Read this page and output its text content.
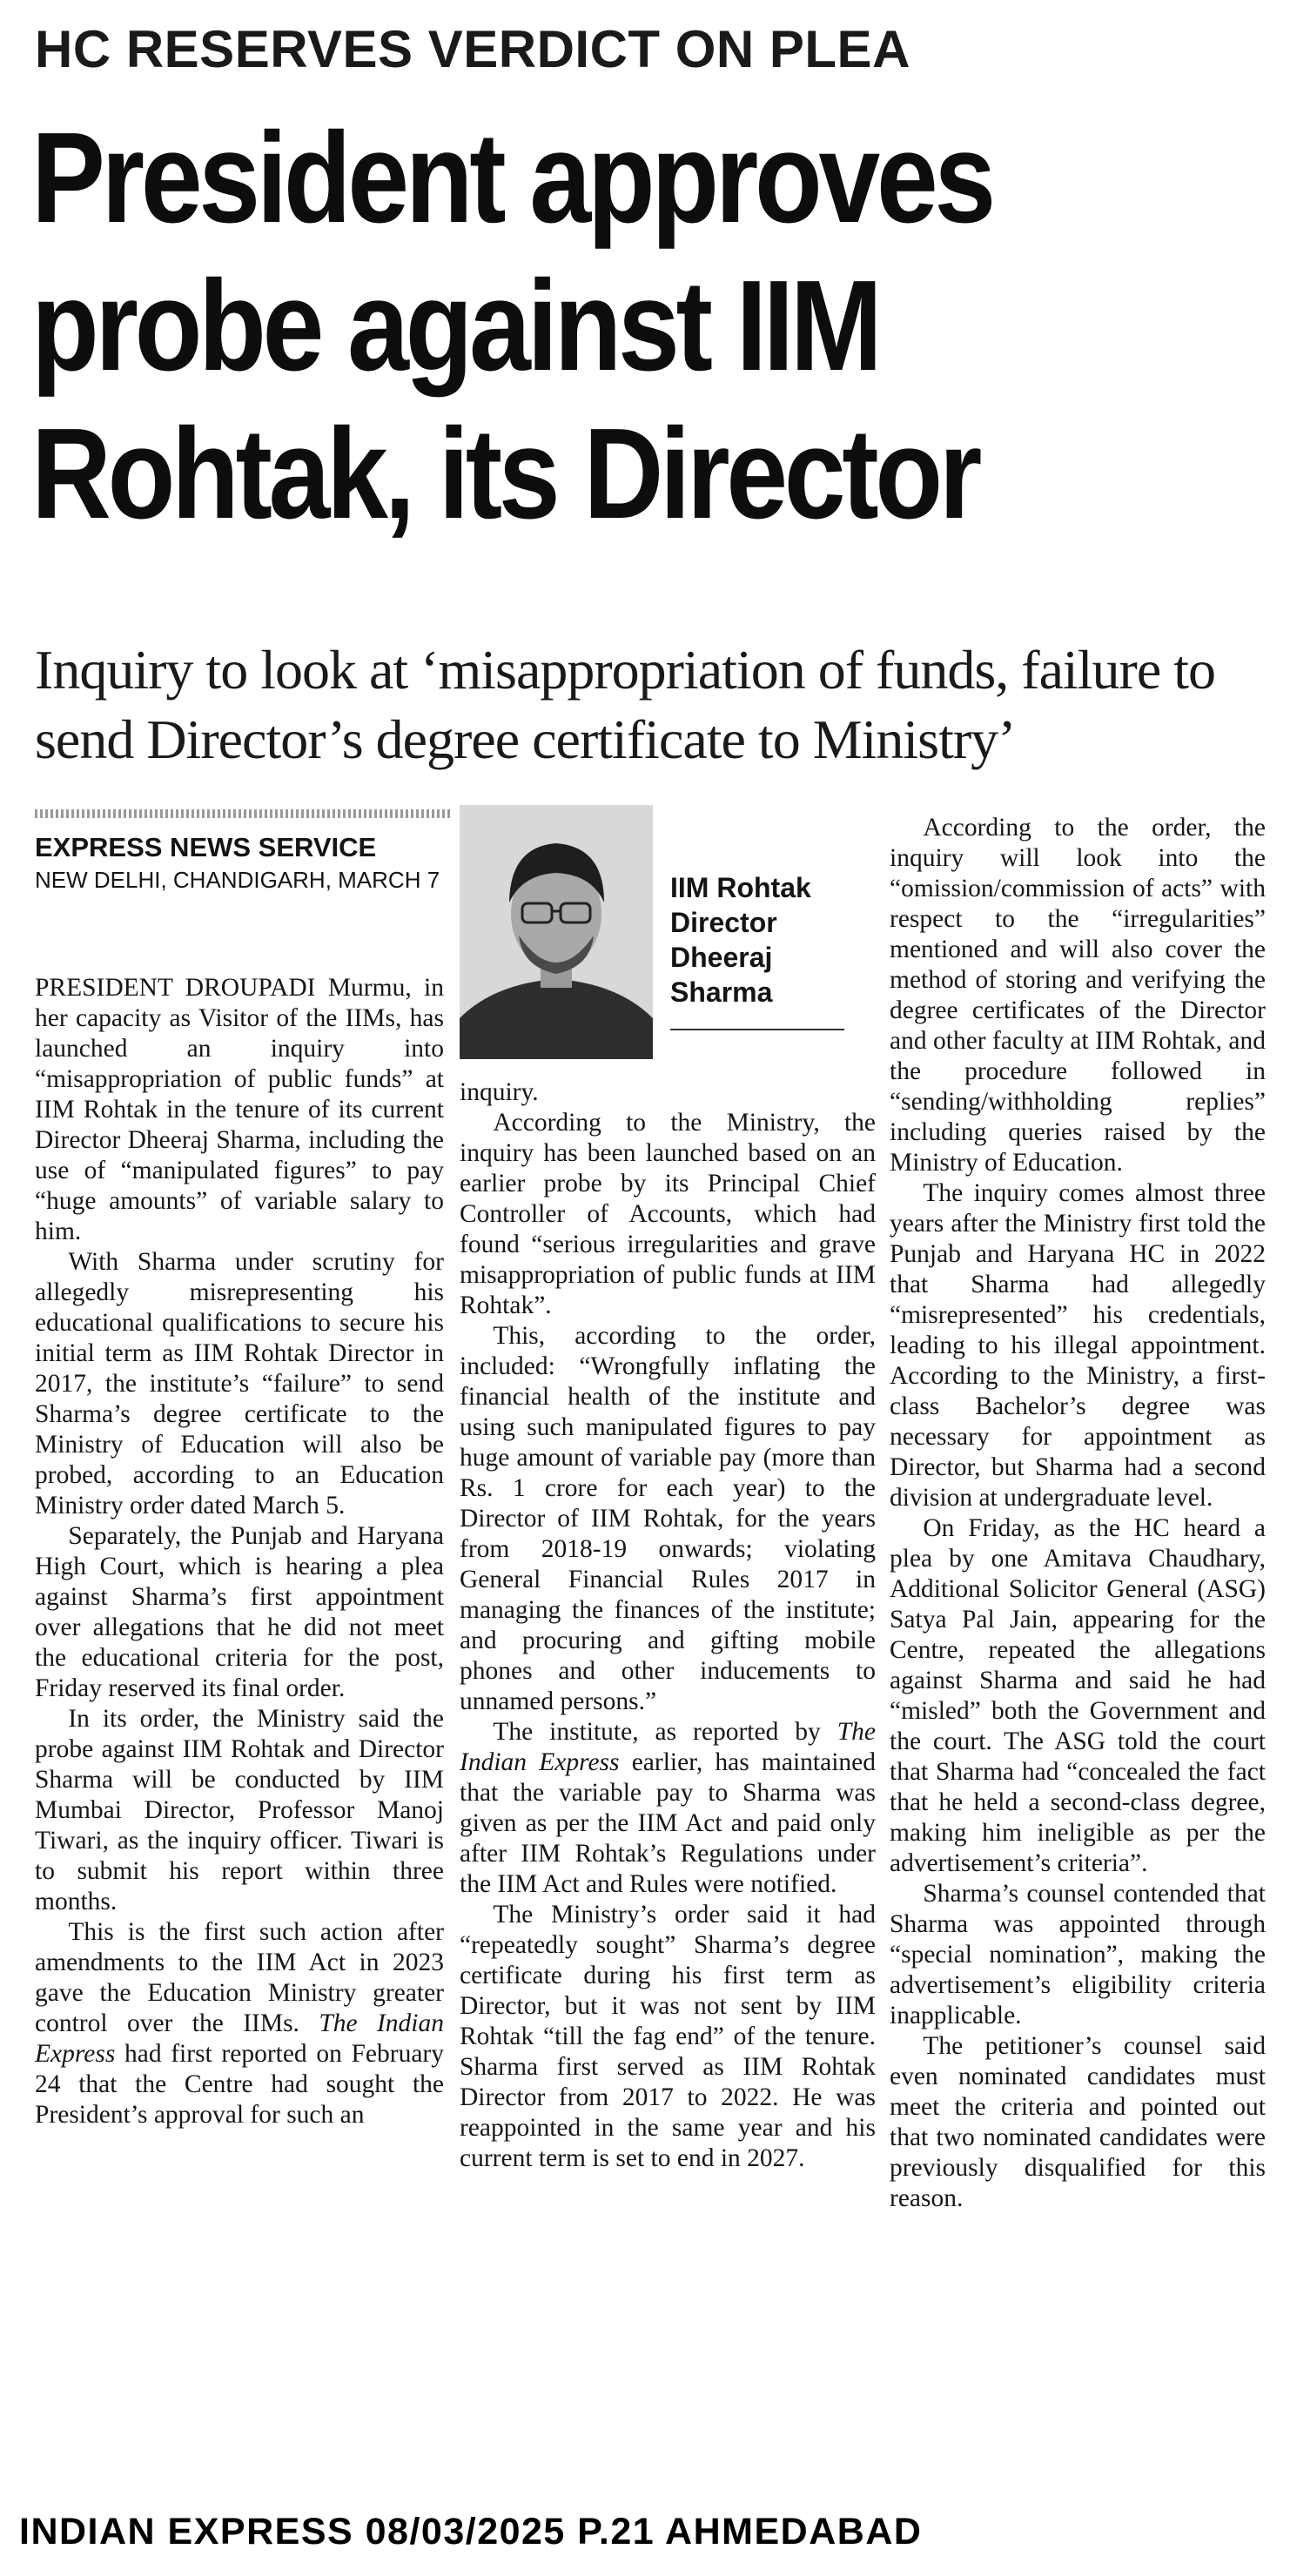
HC RESERVES VERDICT ON PLEA
President approves probe against IIM Rohtak, its Director
Inquiry to look at ‘misappropriation of funds, failure to send Director’s degree certificate to Ministry’
EXPRESS NEWS SERVICE
NEW DELHI, CHANDIGARH, MARCH 7

PRESIDENT DROUPADI Murmu, in her capacity as Visitor of the IIMs, has launched an inquiry into “misappropriation of public funds” at IIM Rohtak in the tenure of its current Director Dheeraj Sharma, including the use of “manipulated figures” to pay “huge amounts” of variable salary to him.

With Sharma under scrutiny for allegedly misrepresenting his educational qualifications to secure his initial term as IIM Rohtak Director in 2017, the institute’s “failure” to send Sharma’s degree certificate to the Ministry of Education will also be probed, according to an Education Ministry order dated March 5.

Separately, the Punjab and Haryana High Court, which is hearing a plea against Sharma’s first appointment over allegations that he did not meet the educational criteria for the post, Friday reserved its final order.

In its order, the Ministry said the probe against IIM Rohtak and Director Sharma will be conducted by IIM Mumbai Director, Professor Manoj Tiwari, as the inquiry officer. Tiwari is to submit his report within three months.

This is the first such action after amendments to the IIM Act in 2023 gave the Education Ministry greater control over the IIMs. The Indian Express had first reported on February 24 that the Centre had sought the President’s approval for such an

IIM Rohtak Director Dheeraj Sharma

inquiry.

According to the Ministry, the inquiry has been launched based on an earlier probe by its Principal Chief Controller of Accounts, which had found “serious irregularities and grave misappropriation of public funds at IIM Rohtak”.

This, according to the order, included: “Wrongfully inflating the financial health of the institute and using such manipulated figures to pay huge amount of variable pay (more than Rs. 1 crore for each year) to the Director of IIM Rohtak, for the years from 2018-19 onwards; violating General Financial Rules 2017 in managing the finances of the institute; and procuring and gifting mobile phones and other inducements to unnamed persons.”

The institute, as reported by The Indian Express earlier, has maintained that the variable pay to Sharma was given as per the IIM Act and paid only after IIM Rohtak’s Regulations under the IIM Act and Rules were notified.

The Ministry’s order said it had “repeatedly sought” Sharma’s degree certificate during his first term as Director, but it was not sent by IIM Rohtak “till the fag end” of the tenure. Sharma first served as IIM Rohtak Director from 2017 to 2022. He was reappointed in the same year and his current term is set to end in 2027.

According to the order, the inquiry will look into the “omission/commission of acts” with respect to the “irregularities” mentioned and will also cover the method of storing and verifying the degree certificates of the Director and other faculty at IIM Rohtak, and the procedure followed in “sending/withholding replies” including queries raised by the Ministry of Education.

The inquiry comes almost three years after the Ministry first told the Punjab and Haryana HC in 2022 that Sharma had allegedly “misrepresented” his credentials, leading to his illegal appointment. According to the Ministry, a first-class Bachelor’s degree was necessary for appointment as Director, but Sharma had a second division at undergraduate level.

On Friday, as the HC heard a plea by one Amitava Chaudhary, Additional Solicitor General (ASG) Satya Pal Jain, appearing for the Centre, repeated the allegations against Sharma and said he had “misled” both the Government and the court. The ASG told the court that Sharma had “concealed the fact that he held a second-class degree, making him ineligible as per the advertisement’s criteria”.

Sharma’s counsel contended that Sharma was appointed through “special nomination”, making the advertisement’s eligibility criteria inapplicable.

The petitioner’s counsel said even nominated candidates must meet the criteria and pointed out that two nominated candidates were previously disqualified for this reason.

INDIAN EXPRESS 08/03/2025 P.21 AHMEDABAD
